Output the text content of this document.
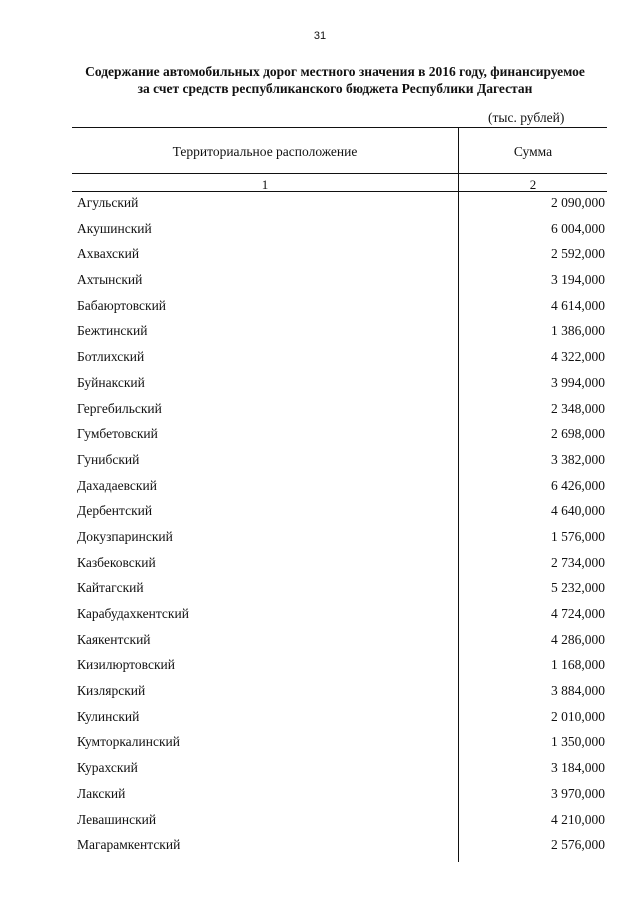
31
Содержание автомобильных дорог местного значения в 2016 году, финансируемое
за счет средств республиканского бюджета Республики Дагестан
(тыс. рублей)
Территориальное расположение	Сумма
1	2
Агульский	2 090,000
Акушинский	6 004,000
Ахвахский	2 592,000
Ахтынский	3 194,000
Бабаюртовский	4 614,000
Бежтинский	1 386,000
Ботлихский	4 322,000
Буйнакский	3 994,000
Гергебильский	2 348,000
Гумбетовский	2 698,000
Гунибский	3 382,000
Дахадаевский	6 426,000
Дербентский	4 640,000
Докузпаринский	1 576,000
Казбековский	2 734,000
Кайтагский	5 232,000
Карабудахкентский	4 724,000
Каякентский	4 286,000
Кизилюртовский	1 168,000
Кизлярский	3 884,000
Кулинский	2 010,000
Кумторкалинский	1 350,000
Курахский	3 184,000
Лакский	3 970,000
Левашинский	4 210,000
Магарамкентский	2 576,000
